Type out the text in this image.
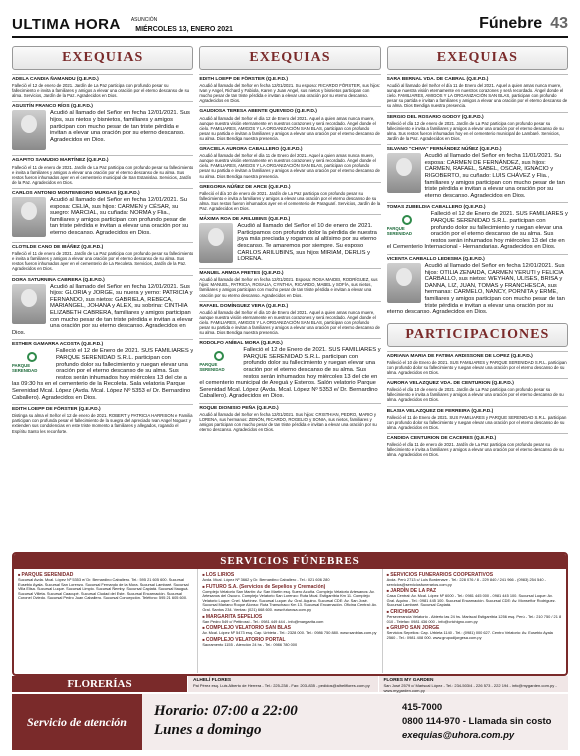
ULTIMA HORA ASUNCIÓN
MIÉRCOLES 13, ENERO 2021	Fúnebre 43
EXEQUIAS
ADELA CANDIA ÑAMANDU (Q.E.P.D.)
Falleció el 12 de enero de 2021. Jardín de La Paz participa con profundo pesar su fallecimiento e invita a familiares y amigos a elevar una oración por el eterno descanso de su alma. Servicios, Jardín de la Paz. Agradecidos en Dios.
AGUSTÍN FRANCO RÍOS (Q.E.P.D.)
Acudió al llamado del Señor en fecha 12/01/2021. Sus hijos, sus nietos y bisnietos, familiares y amigos participan con mucho pesar de tan triste pérdida e invitan a elevar una oración por su eterno descanso. Agradecidos en Dios.
AGAPITO SAMUDIO MARTÍNEZ (Q.E.P.D.)
Falleció el 11 de enero de 2021. Jardín de La Paz participa con profundo pesar su fallecimiento e invita a familiares y amigos a elevar una oración por el eterno descanso de su alma. Sus restos fueron inhumados ayer en el cementerio municipal de San Estanislao. Servicios, Jardín de la Paz. Agradecidos en Dios.
CARLOS ANTONIO MONTENEGRO MURGAS (Q.E.P.D.)
Acudió al llamado del Señor en fecha 12/01/2021. Su esposa: CELIA, sus hijos: CARMEN y CÉSAR, su suegro: MARCIAL, su cuñada: NORMA y Flia., familiares y amigos participan con profundo pesar de tan triste pérdida e invitan a elevar una oración por su eterno descanso. Agradecidos en Dios.
CLOTILDE CANO DE IBÁÑEZ (Q.E.P.D.)
Falleció el 11 de enero de 2021. Jardín de La Paz participa con profundo pesar su fallecimiento e invita a familiares y amigos a elevar una oración por el eterno descanso de su alma. Sus restos fueron inhumados ayer en el cementerio de La Recoleta. Servicios, Jardín de la Paz. Agradecidos en Dios.
DORA SATURNINA CABRERA (Q.E.P.D.)
Acudió al llamado del Señor en fecha 12/01/2021. Sus hijos: GLORIA y JORGE, su nuera y yerno: PATRICIA y FERNANDO, sus nietos: GABRIELA, REBECA, MARIANGEL, JOHANA y ALEX, su sobrina: CINTHIA ELIZABETH CABRERA, familiares y amigos participan con mucho pesar de tan triste pérdida e invitan a elevar una oración por su eterno descanso. Agradecidos en Dios.
ESTHER GAMARRA ACOSTA (Q.E.P.D.)
PARQUE SERENIDAD
Falleció el 12 de Enero de 2021. SUS FAMILIARES y PARQUE SERENIDAD S.R.L. participan con profundo dolor su fallecimiento y ruegan elevar una oración por el eterno descanso de su alma. Sus restos serán inhumados hoy miércoles 13 del cte a las 09:30 hs en el cementerio de la Recoleta. Sala velatoria Parque Serenidad Mcal. López (Avda. Mcal. López Nº 5353 e/ Dr. Bernardino Caballero). Agradecidos en Dios.
EDITH LOEPP DE FÖRSTER (Q.E.P.D.)
Distinga su alma el Señor el 12 de enero de 2021. ROBERT y PATRICIA HARRISON e Familia participan con profunda pesar el fallecimiento de la suegra del apreciado Ivan Angel Noguez y extienden sus condolencias en este triste momento a familiares y allegados, rogando el Espíritu Santo les reconforte.
EXEQUIAS
EDITH LOEPP DE FÖRSTER (Q.E.P.D.)
Acudió al llamado del Señor en fecha 12/01/2021. Su esposo: RICARDO FÖRSTER, sus hijos: Ivan y Angel, Richard y Fabiola, Karen y Juan Angel, sus nietos y bisnietos participan con mucho pesar de tan triste pérdida e invitan a elevar una oración por su eterno descanso. Agradecidos en Dios.
GAUDIOSA TERESA ABENTE QUEVEDO (Q.E.P.D.)
Acudió al llamado del Señor el día 12 de Enero del 2021. Aquel a quien amas nunca muere, aunque nuestra visión eternamente en nuestros corazones y será recordado. Ángel donde el cielo. FAMILIARES, AMIGOS Y LA ORGANIZACIÓN SAN BLAS, participan con profundo pesar su partida e invitan a familiares y amigos a elevar una oración por el eterno descanso de su alma. Dios Bendiga nuestra presencia.
GRACIELA AURORA CABALLERO (Q.E.P.D.)
Acudió al llamado del Señor el día 11 de Enero del 2021. Aquel a quien amas nunca muere, aunque nuestra visión eternamente en nuestros corazones y será recordado. Ángel donde el cielo. FAMILIARES, AMIGOS Y LA ORGANIZACIÓN SAN BLAS, participan con profundo pesar su partida e invitan a familiares y amigos a elevar una oración por el eterno descanso de su alma. Dios Bendiga nuestra presencia.
GREGORIA NÚÑEZ DE ARCE (Q.E.P.D.)
Falleció el día 10 de enero de 2021. Jardín de La Paz participa con profundo pesar su fallecimiento e invita a familiares y amigos a elevar una oración por el eterno descanso de su alma. Sus restos fueron inhumados ayer en el cementerio de Paraguarí. Servicios, Jardín de la Paz. Agradecidos en Dios.
MÁXIMA ROA DE ARILUBINS (Q.E.P.D.)
Acudió al llamado del Señor el 10 de enero de 2021. Participamos con profundo dolor la pérdida de nuestra joya más preciada y rogamos al altísimo por su eterno descanso. Te amaremos por siempre. Su esposo CARLOS ARILUBINS, sus hijos MIRIAM, DERLIS y LORENA.
MANUEL ARMOA FRETES (Q.E.P.D.)
Acudió al llamado del Señor en fecha 12/01/2021. Esposa: ROSA MAIDEI, RODRÍGUEZ, sus hijos: MANUEL, PATRICIA, ROSALIA, CYNTHIA, RICARDO, MABEL y SOFÍA, sus nietos, familiares y amigos participan con mucho pesar de tan triste pérdida e invitan a elevar una oración por su eterno descanso. Agradecidos en Dios.
RAFAEL DOMÍNGUEZ VERA (Q.E.P.D.)
Acudió al llamado del Señor el día 10 de Enero del 2021. Aquel a quien amas nunca muere, aunque nuestra visión eternamente en nuestros corazones y será recordado. Ángel donde el cielo. FAMILIARES, AMIGOS Y LA ORGANIZACIÓN SAN BLAS, participan con profundo pesar su partida e invitan a familiares y amigos a elevar una oración por el eterno descanso de su alma. Dios Bendiga nuestra presencia.
RODOLFO ANÍBAL MORA (Q.E.P.D.)
PARQUE SERENIDAD
Falleció el 12 de Enero de 2021. SUS FAMILIARES y PARQUE SERENIDAD S.R.L. participan con profundo dolor su fallecimiento y ruegan elevar una oración por el eterno descanso de su alma. Sus restos serán inhumados hoy miércoles 13 del cte en el cementerio municipal de Areguá y Esteros. Salón velatorio Parque Serenidad Mcal. López (Avda. Mcal. López Nº 5353 e/ Dr. Bernardino Caballero). Agradecidos en Dios.
ROQUE DIONISIO PEÑA (Q.E.P.D.)
Acudió al llamado del Señor en fecha 12/01/2021. Sus hijos: CRISTHIAN, PEDRO, MARIO y LORENA, sus hermanos: ZENÓN, RICARDO, ROGELIO y SONIA, sus nietos, familiares y amigos participan con mucho pesar de tan triste pérdida e invitan a elevar una oración por su eterno descanso. Agradecidos en Dios.
EXEQUIAS
SARA BERNAL VDA. DE CABRAL (Q.E.P.D.)
Acudió al llamado del Señor el día 11 de Enero del 2021. Aquel a quien amas nunca muere, aunque nuestra visión eternamente en nuestros corazones y será recordado. Ángel donde el cielo. FAMILIARES, AMIGOS Y LA ORGANIZACIÓN SAN BLAS, participan con profundo pesar su partida e invitan a familiares y amigos a elevar una oración por el eterno descanso de su alma. Dios Bendiga nuestra presencia.
SERGIO DEL ROSARIO GODOY (Q.E.P.D.)
Falleció el día 12 de enero de 2021. Jardín de La Paz participa con profundo pesar su fallecimiento e invita a familiares y amigos a elevar una oración por el eterno descanso de su alma. Sus restos fueron inhumados hoy en el cementerio municipal de Lambaré. Servicios, Jardín de la Paz. Agradecidos en Dios.
SILVANO "CHIVA" FERNÁNDEZ NÚÑEZ (Q.E.P.D.)
Acudió al llamado del Señor en fecha 11/01/2021. Su esposa: CARMEN DE FERNÁNDEZ, sus hijos: CARMEN, RAFAEL, SABEL, OSCAR, IGNACIO y RIGOBERTO, su cuñado: LUIS CHÁVEZ y Flia., familiares y amigos participan con mucho pesar de tan triste pérdida e invitan a elevar una oración por su eterno descanso. Agradecidos en Dios.
TOMAS ZUBELDIA CABALLERO (Q.E.P.D.)
PARQUE SERENIDAD
Falleció el 12 de Enero de 2021. SUS FAMILIARES y PARQUE SERENIDAD S.R.L. participan con profundo dolor su fallecimiento y ruegan elevar una oración por el eterno descanso de su alma. Sus restos serán inhumados hoy miércoles 13 del cte en el Cementerio Internacional - Hernandarias. Agradecidos en Dios.
VICENTA CARBALLO LEDESMA (Q.E.P.D.)
Acudió al llamado del Señor en fecha 12/01/2021. Sus hijos: OTILIA ZENAIDA, CARMEN YERUTI y FELICIA CARBALLO, sus nietos: WEYHAN, ULISES, BRISA y DANNA, LIZ, JUAN, TOMAS y FRANCHESCA, sus hermanas: CARMELO, NANCY, PORNITA y ERME, familiares y amigos participan con mucho pesar de tan triste pérdida e invitan a elevar una oración por su eterno descanso. Agradecidos en Dios.
PARTICIPACIONES
ADRIANA MARIA DE FATIMA ARDISSONE DE LOPEZ (Q.E.P.D.)
Falleció el 10 de Enero de 2021. SUS FAMILIARES y PARQUE SERENIDAD S.R.L. participan con profundo dolor su fallecimiento y ruegan elevar una oración por el eterno descanso de su alma. Agradecidos en Dios.
AURORA VELAZQUEZ VDA. DE CENTURION (Q.E.P.D.)
Falleció el día 10 de enero de 2021. Jardín de La Paz participa con profundo pesar su fallecimiento e invita a familiares y amigos a elevar una oración por el eterno descanso de su alma. Agradecidos en Dios.
BLASIA VELAZQUEZ DE FERREIRA (Q.E.P.D.)
Falleció el 11 de Enero de 2021. SUS FAMILIARES y PARQUE SERENIDAD S.R.L. participan con profundo dolor su fallecimiento y ruegan elevar una oración por el eterno descanso de su alma. Agradecidos en Dios.
CANDIDA CENTURION DE CACERES (Q.E.P.D.)
Falleció el día 11 de enero de 2021. Jardín de La Paz participa con profundo pesar su fallecimiento e invita a familiares y amigos a elevar una oración por el eterno descanso de su alma. Agradecidos en Dios.
SERVICIOS FÚNEBRES
■ PARQUE SERENIDAD
Sucursal Avda. Mcal. López Nº 5353 e/ Dr. Bernardino Caballero. Tel.: 595 21 605 600. Sucursal Eusebio Ayala. Sucursal San Lorenzo. Sucursal Fernando de la Mora. Sucursal Lambaré. Sucursal Villa Elisa. Sucursal Luque. Sucursal Limpio. Sucursal Ñemby. Sucursal Capiatá. Sucursal Itauguá. Sucursal Villeta. Sucursal Caacupé. Sucursal Ciudad del Este. Sucursal Encarnación. Sucursal Coronel Oviedo. Sucursal Pedro Juan Caballero. Sucursal Concepción. Teléfono: 595 21 605 600.
■ LOS LIRIOS
Avda. Mcal. López Nº 3662 y Dr. Bernardino Caballero - Tel.: 021 606 280
■ FUTURO S.A. (Servicios de Sepelios y Cremación)
Complejo Velatorio San Martín: Av. San Martín esq. Suero Acuña. Complejo Velatorio Artesanos: Av. Artesanos del Oscuro. Complejo Velatorio San Lorenzo: Ruta Mcal. Estigarribia Km 11. Complejo Velatorio Luque: Cnel. Martínez. Sucursal Luque: Av. Gral. Aquino. Sucursal CDE: Av. San José. Sucursal Mariano Roque Alonso: Ruta Transchaco Km 13. Sucursal Encarnación. Oficina Central: Av. Gral. Santos 234. Ventas: (021) 668 600. www.futurosa.com.py
■ MARGARITA SEPELIOS
San Pedro 549 c/ Pettirossi - Tel.: 0981 449 444 - info@margarita.com
■ COMPLEJO VELATORIO SAN BLAS
Av. Mcal. López Nº 5473 esq. Cap. Urbieta - Tel.: 2328 000. Tel.: 0986 750 880. www.sanblas.com.py
■ COMPLEJO VELATORIO PORTAL
Sacramento 1155 - Atención 24 hs - Tel.: 0986 780 000
■ SERVICIOS FUNERARIOS COOPERATIVOS
Avda. Perú 2713 c/ Luis Bordenave - Tel.: 228 076 / 8 - 229 840 / 241 966 - (0983) 254 540 - servicios@serviciosfunerarios.com.py
■ JARDÍN DE LA PAZ
Casa Central: Av. Mcal. López Nº 6000 - Tel.: 0981 445 000 - 0981 445 100. Sucursal Luque: Av. Gral. Aquino - Tel.: 0981 445 100. Sucursal Encarnación. Sucursal CDE: Av. Monseñor Rodríguez. Sucursal Lambaré. Sucursal Capiatá.
■ CRICHIGNO
Perseverancia Velatorio - Abierto las 24 hs. Mariscal Estigarribia 1256 esq. Perú - Tel.: 210 750 / 21 8 010 - Telefax: 0981 436 000 - info@crichigno.com.py
■ GRUPO SAN JORGE
Servicios Sepelios: Cap. Urbieta 1140 - Tel.: (0981) 000 627. Centro Velatorio: Av. Eusebio Ayala 2560 - Tel.: 0981 408 000. www.grupodijorgesa.com.py
FLORERÍAS	ALHELÍ FLORES
Pai Pérez esq. Luis Alberto de Herrera - Tel.: 225-238 - Fax: 203-835 - pedidos@alheliflores.com.py
FLORES MY GARDEN
San José 2579 c/ Mariscal López - Tel.: 234-503/4 - 226 573 - 222 194 - info@mygarden.com.py - www.mygarden.com.py
Servicio de atención
Horario: 07:00 a 22:00
Lunes a domingo
415-7000
0800 114-970 - Llamada sin costo
exequias@uhora.com.py
